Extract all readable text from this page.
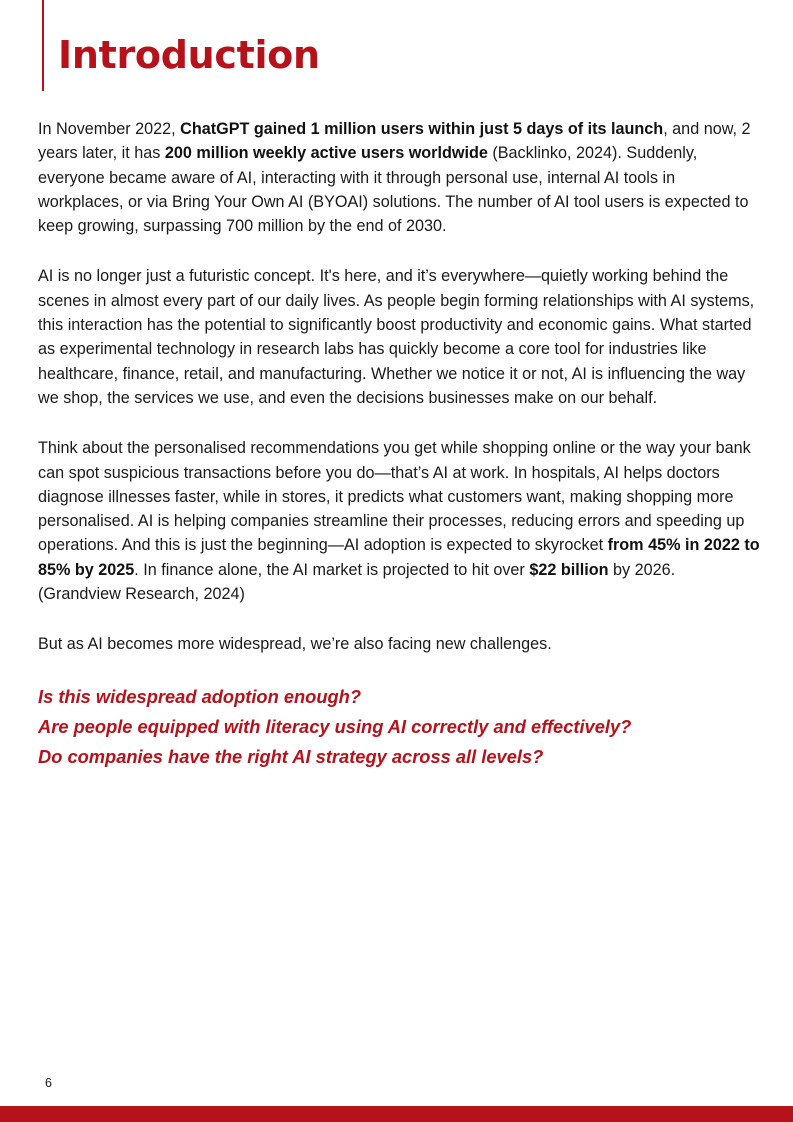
Introduction

In November 2022, ChatGPT gained 1 million users within just 5 days of its launch, and now, 2 years later, it has 200 million weekly active users worldwide (Backlinko, 2024). Suddenly, everyone became aware of AI, interacting with it through personal use, internal AI tools in workplaces, or via Bring Your Own AI (BYOAI) solutions. The number of AI tool users is expected to keep growing, surpassing 700 million by the end of 2030.

AI is no longer just a futuristic concept. It's here, and it’s everywhere—quietly working behind the scenes in almost every part of our daily lives. As people begin forming relationships with AI systems, this interaction has the potential to significantly boost productivity and economic gains. What started as experimental technology in research labs has quickly become a core tool for industries like healthcare, finance, retail, and manufacturing. Whether we notice it or not, AI is influencing the way we shop, the services we use, and even the decisions businesses make on our behalf.

Think about the personalised recommendations you get while shopping online or the way your bank can spot suspicious transactions before you do—that’s AI at work. In hospitals, AI helps doctors diagnose illnesses faster, while in stores, it predicts what customers want, making shopping more personalised. AI is helping companies streamline their processes, reducing errors and speeding up operations. And this is just the beginning—AI adoption is expected to skyrocket from 45% in 2022 to 85% by 2025. In finance alone, the AI market is projected to hit over $22 billion by 2026. (Grandview Research, 2024)

But as AI becomes more widespread, we’re also facing new challenges.

Is this widespread adoption enough?
Are people equipped with literacy using AI correctly and effectively?
Do companies have the right AI strategy across all levels?
6
